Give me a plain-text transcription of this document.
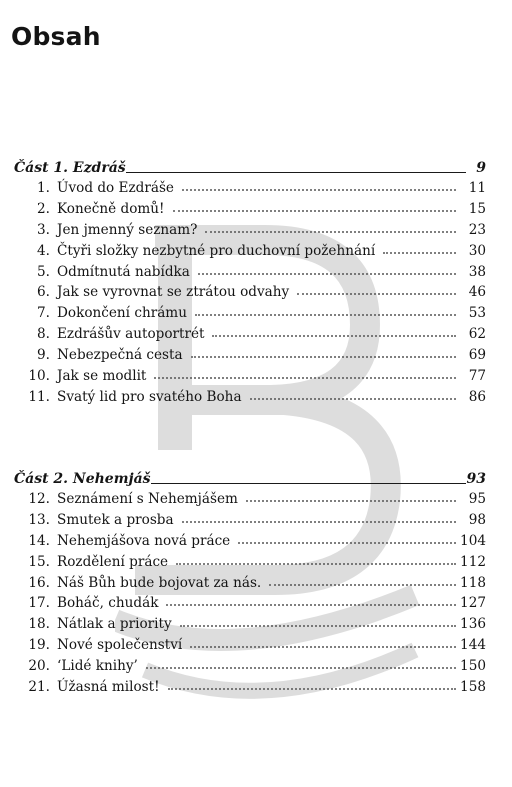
Obsah
Část 1. Ezdráš	9
1. Úvod do Ezdráše	11
2. Konečně domů!	15
3. Jen jmenný seznam?	23
4. Čtyři složky nezbytné pro duchovní požehnání	30
5. Odmítnutá nabídka	38
6. Jak se vyrovnat se ztrátou odvahy	46
7. Dokončení chrámu	53
8. Ezdrášův autoportrét	62
9. Nebezpečná cesta	69
10. Jak se modlit	77
11. Svatý lid pro svatého Boha	86
Část 2. Nehemjáš	93
12. Seznámení s Nehemjášem	95
13. Smutek a prosba	98
14. Nehemjášova nová práce	104
15. Rozdělení práce	112
16. Náš Bůh bude bojovat za nás.	118
17. Boháč, chudák	127
18. Nátlak a priority	136
19. Nové společenství	144
20. ‘Lidé knihy’	150
21. Úžasná milost!	158
